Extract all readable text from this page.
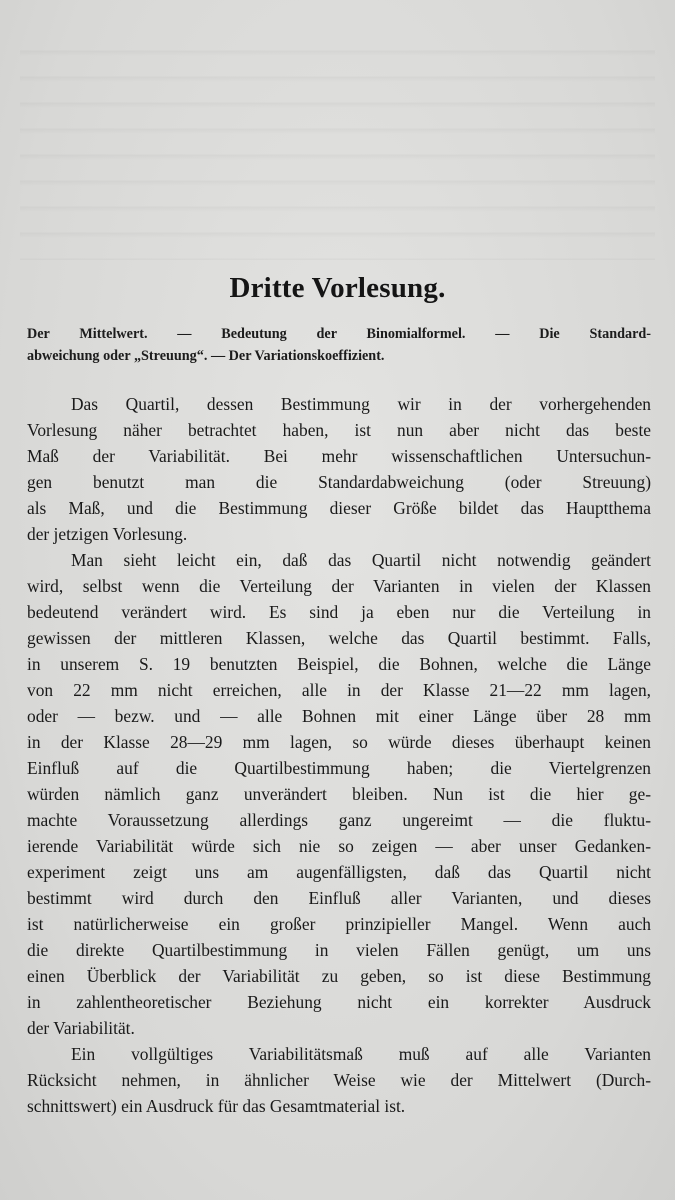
Dritte Vorlesung.
Der Mittelwert. — Bedeutung der Binomialformel. — Die Standard-
abweichung oder „Streuung“. — Der Variationskoeffizient.
Das Quartil, dessen Bestimmung wir in der vorhergehenden
Vorlesung näher betrachtet haben, ist nun aber nicht das beste
Maß der Variabilität. Bei mehr wissenschaftlichen Untersuchun-
gen benutzt man die Standardabweichung (oder Streuung)
als Maß, und die Bestimmung dieser Größe bildet das Hauptthema
der jetzigen Vorlesung.
Man sieht leicht ein, daß das Quartil nicht notwendig geändert
wird, selbst wenn die Verteilung der Varianten in vielen der Klassen
bedeutend verändert wird. Es sind ja eben nur die Verteilung in
gewissen der mittleren Klassen, welche das Quartil bestimmt. Falls,
in unserem S. 19 benutzten Beispiel, die Bohnen, welche die Länge
von 22 mm nicht erreichen, alle in der Klasse 21—22 mm lagen,
oder — bezw. und — alle Bohnen mit einer Länge über 28 mm
in der Klasse 28—29 mm lagen, so würde dieses überhaupt keinen
Einfluß auf die Quartilbestimmung haben; die Viertelgrenzen
würden nämlich ganz unverändert bleiben. Nun ist die hier ge-
machte Voraussetzung allerdings ganz ungereimt — die fluktu-
ierende Variabilität würde sich nie so zeigen — aber unser Gedanken-
experiment zeigt uns am augenfälligsten, daß das Quartil nicht
bestimmt wird durch den Einfluß aller Varianten, und dieses
ist natürlicherweise ein großer prinzipieller Mangel. Wenn auch
die direkte Quartilbestimmung in vielen Fällen genügt, um uns
einen Überblick der Variabilität zu geben, so ist diese Bestimmung
in zahlentheoretischer Beziehung nicht ein korrekter Ausdruck
der Variabilität.
Ein vollgültiges Variabilitätsmaß muß auf alle Varianten
Rücksicht nehmen, in ähnlicher Weise wie der Mittelwert (Durch-
schnittswert) ein Ausdruck für das Gesamtmaterial ist.
